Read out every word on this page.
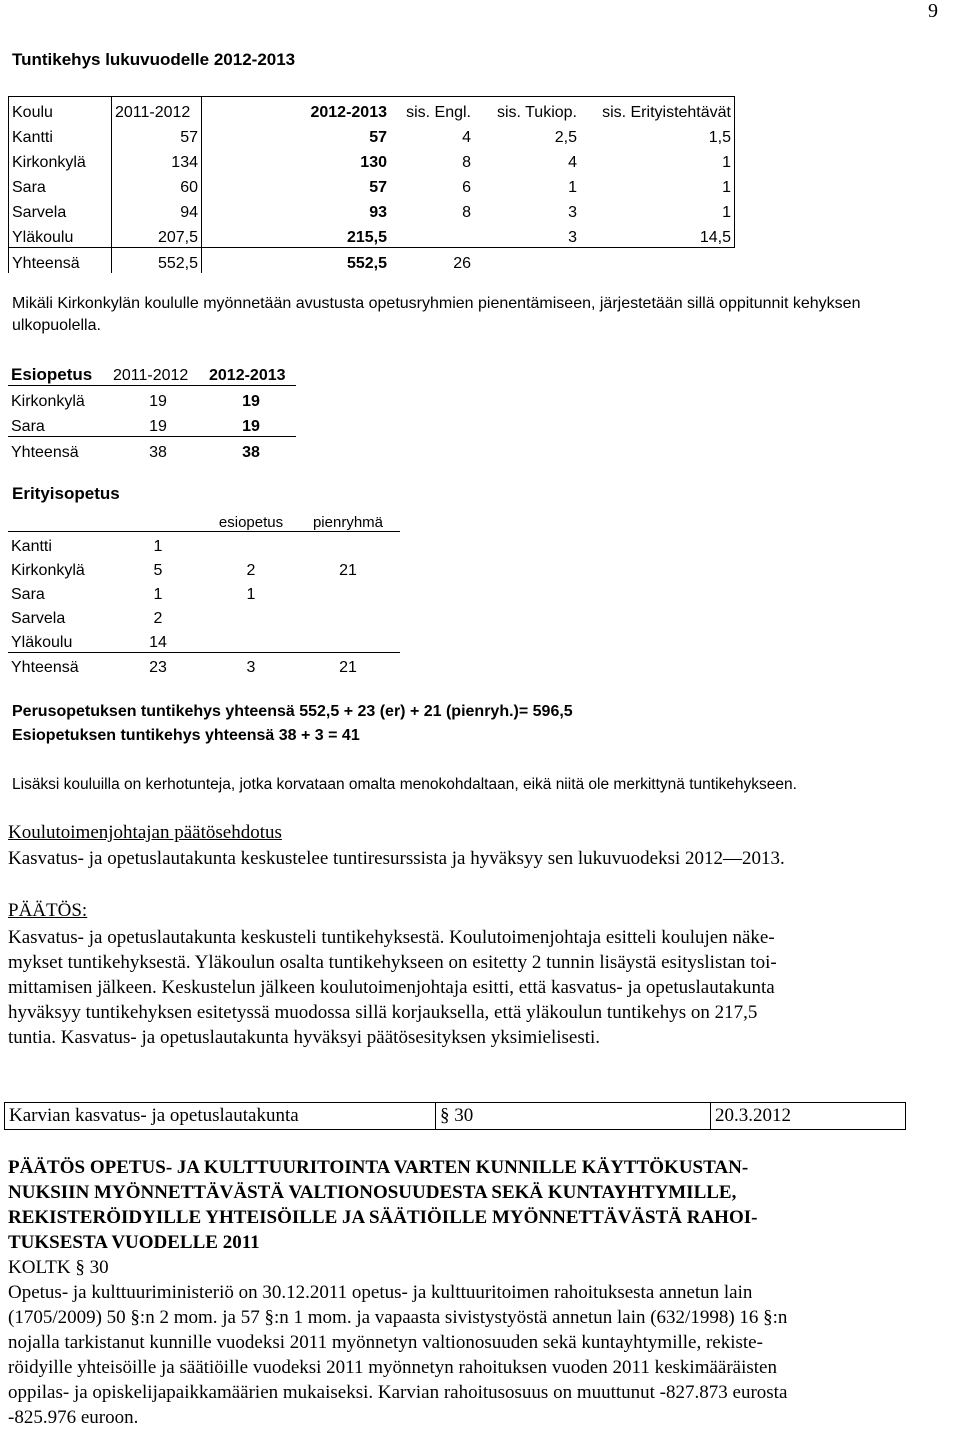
9
Tuntikehys lukuvuodelle 2012-2013
Koulu	2011-2012	2012-2013	sis. Engl.	sis. Tukiop.	sis. Erityistehtävät
Kantti	57	57	4	2,5	1,5
Kirkonkylä	134	130	8	4	1
Sara	60	57	6	1	1
Sarvela	94	93	8	3	1
Yläkoulu	207,5	215,5		3	14,5
Yhteensä	552,5	552,5	26		
Mikäli Kirkonkylän koululle myönnetään avustusta opetusryhmien pienentämiseen, järjestetään sillä oppitunnit kehyksen ulkopuolella.
Esiopetus	2011-2012	2012-2013
Kirkonkylä	19	19
Sara	19	19
Yhteensä	38	38
Erityisopetus
		esiopetus	pienryhmä
Kantti	1		
Kirkonkylä	5	2	21
Sara	1	1	
Sarvela	2		
Yläkoulu	14		
Yhteensä	23	3	21
Perusopetuksen tuntikehys yhteensä 552,5 + 23 (er) + 21 (pienryh.)= 596,5
Esiopetuksen tuntikehys yhteensä 38 + 3 = 41
Lisäksi kouluilla on kerhotunteja, jotka korvataan omalta menokohdaltaan, eikä niitä ole merkittynä tuntikehykseen.
Koulutoimenjohtajan päätösehdotus
Kasvatus- ja opetuslautakunta keskustelee tuntiresurssista ja hyväksyy sen lukuvuodeksi 2012—2013.
PÄÄTÖS:
Kasvatus- ja opetuslautakunta keskusteli tuntikehyksestä. Koulutoimenjohtaja esitteli koulujen näke-
mykset tuntikehyksestä. Yläkoulun osalta tuntikehykseen on esitetty 2 tunnin lisäystä esityslistan toi-
mittamisen jälkeen. Keskustelun jälkeen koulutoimenjohtaja esitti, että kasvatus- ja opetuslautakunta
hyväksyy tuntikehyksen esitetyssä muodossa sillä korjauksella, että yläkoulun tuntikehys on 217,5
tuntia. Kasvatus- ja opetuslautakunta hyväksyi päätösesityksen yksimielisesti.
Karvian kasvatus- ja opetuslautakunta	§ 30	20.3.2012
PÄÄTÖS OPETUS- JA KULTTUURITOINTA VARTEN KUNNILLE KÄYTTÖKUSTAN-
NUKSIIN MYÖNNETTÄVÄSTÄ VALTIONOSUUDESTA SEKÄ KUNTAYHTYMILLE,
REKISTERÖIDYILLE YHTEISÖILLE JA SÄÄTIÖILLE MYÖNNETTÄVÄSTÄ RAHOI-
TUKSESTA VUODELLE 2011
KOLTK § 30
Opetus- ja kulttuuriministeriö on 30.12.2011 opetus- ja kulttuuritoimen rahoituksesta annetun lain
(1705/2009) 50 §:n 2 mom. ja 57 §:n 1 mom. ja vapaasta sivistystyöstä annetun lain (632/1998) 16 §:n
nojalla tarkistanut kunnille vuodeksi 2011 myönnetyn valtionosuuden sekä kuntayhtymille, rekiste-
röidyille yhteisöille ja säätiöille vuodeksi 2011 myönnetyn rahoituksen vuoden 2011 keskimääräisten
oppilas- ja opiskelijapaikkamäärien mukaiseksi. Karvian rahoitusosuus on muuttunut -827.873 eurosta
-825.976 euroon.
